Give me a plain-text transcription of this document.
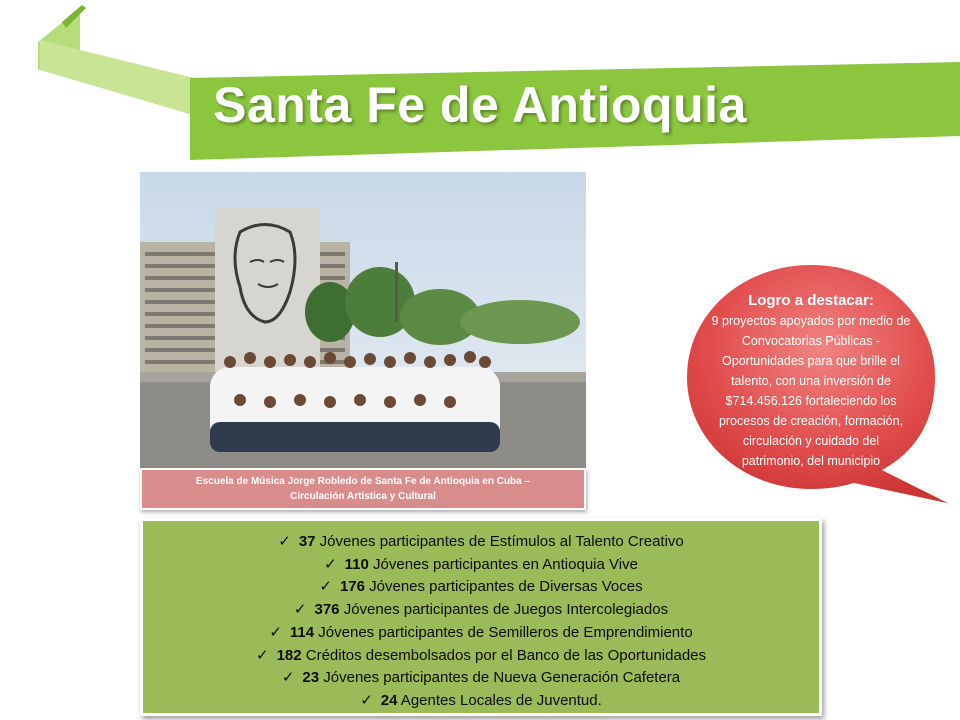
Santa Fe de Antioquia
Escuela de Música Jorge Robledo de Santa Fe de Antioquia en Cuba – Circulación Artística y Cultural
Logro a destacar:
9 proyectos apoyados por medio de Convocatorias Públicas - Oportunidades para que brille el talento, con una inversión de $714.456.126 fortaleciendo los procesos de creación, formación, circulación y cuidado del patrimonio, del municipio
✓ 37 Jóvenes participantes de Estímulos al Talento Creativo
✓ 110 Jóvenes participantes en Antioquia Vive
✓ 176 Jóvenes participantes de Diversas Voces
✓ 376 Jóvenes participantes de Juegos Intercolegiados
✓ 114 Jóvenes participantes de Semilleros de Emprendimiento
✓ 182 Créditos desembolsados por el Banco de las Oportunidades
✓ 23 Jóvenes participantes de Nueva Generación Cafetera
✓ 24 Agentes Locales de Juventud.
